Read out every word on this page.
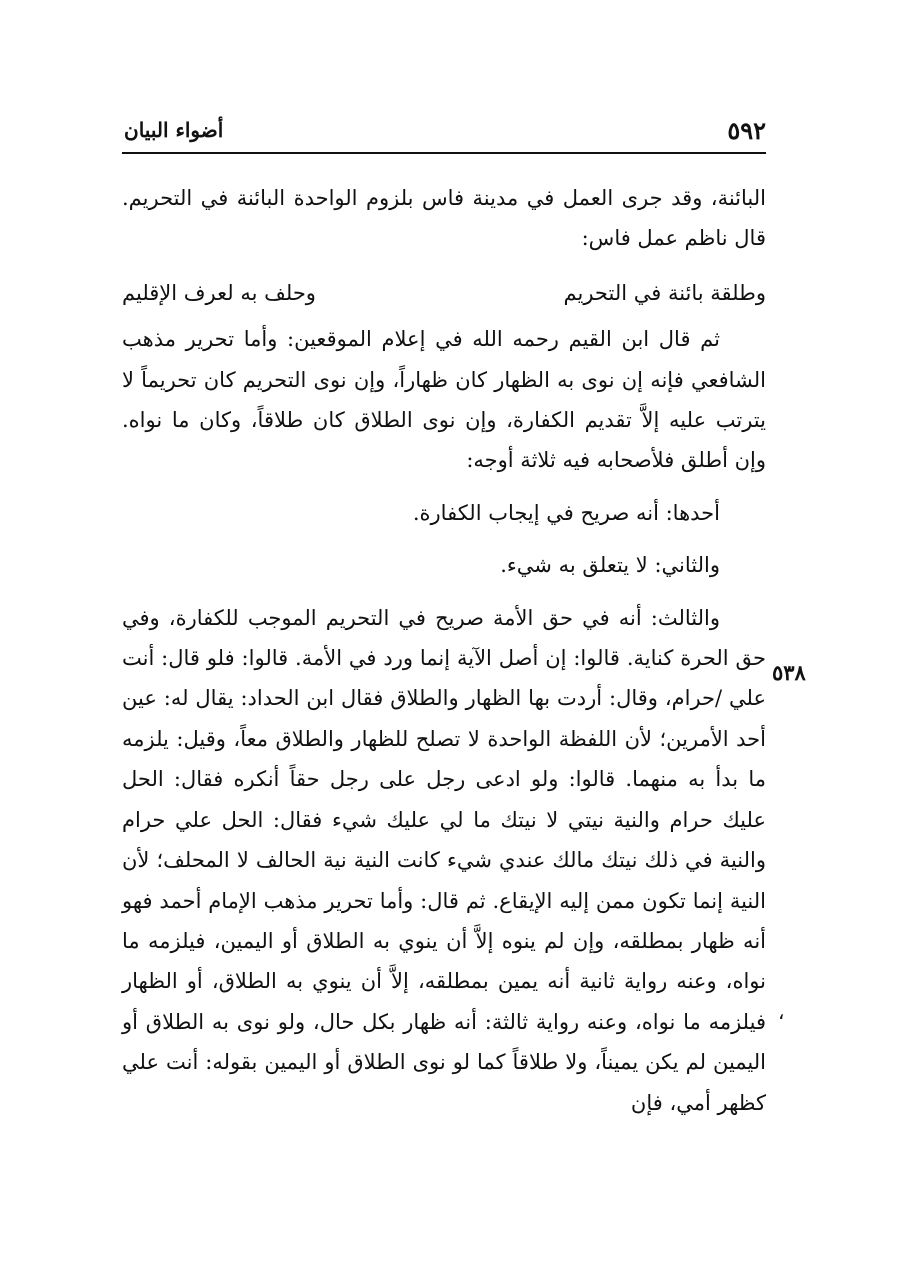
٥٩٢
أضواء البيان
٥٣٨
،

البائنة، وقد جرى العمل في مدينة فاس بلزوم الواحدة البائنة في التحريم. قال ناظم عمل فاس:

وطلقة بائنة في التحريم
وحلف به لعرف الإقليم

ثم قال ابن القيم رحمه الله في إعلام الموقعين: وأما تحرير مذهب الشافعي فإنه إن نوى به الظهار كان ظهاراً، وإن نوى التحريم كان تحريماً لا يترتب عليه إلاَّ تقديم الكفارة، وإن نوى الطلاق كان طلاقاً، وكان ما نواه. وإن أطلق فلأصحابه فيه ثلاثة أوجه:

أحدها: أنه صريح في إيجاب الكفارة.

والثاني: لا يتعلق به شيء.

والثالث: أنه في حق الأمة صريح في التحريم الموجب للكفارة، وفي حق الحرة كناية. قالوا: إن أصل الآية إنما ورد في الأمة. قالوا: فلو قال: أنت علي /حرام، وقال: أردت بها الظهار والطلاق فقال ابن الحداد: يقال له: عين أحد الأمرين؛ لأن اللفظة الواحدة لا تصلح للظهار والطلاق معاً، وقيل: يلزمه ما بدأ به منهما. قالوا: ولو ادعى رجل على رجل حقاً أنكره فقال: الحل عليك حرام والنية نيتي لا نيتك ما لي عليك شيء فقال: الحل علي حرام والنية في ذلك نيتك مالك عندي شيء كانت النية نية الحالف لا المحلف؛ لأن النية إنما تكون ممن إليه الإيقاع. ثم قال: وأما تحرير مذهب الإمام أحمد فهو أنه ظهار بمطلقه، وإن لم ينوه إلاَّ أن ينوي به الطلاق أو اليمين، فيلزمه ما نواه، وعنه رواية ثانية أنه يمين بمطلقه، إلاَّ أن ينوي به الطلاق، أو الظهار فيلزمه ما نواه، وعنه رواية ثالثة: أنه ظهار بكل حال، ولو نوى به الطلاق أو اليمين لم يكن يميناً، ولا طلاقاً كما لو نوى الطلاق أو اليمين بقوله: أنت علي كظهر أمي، فإن
